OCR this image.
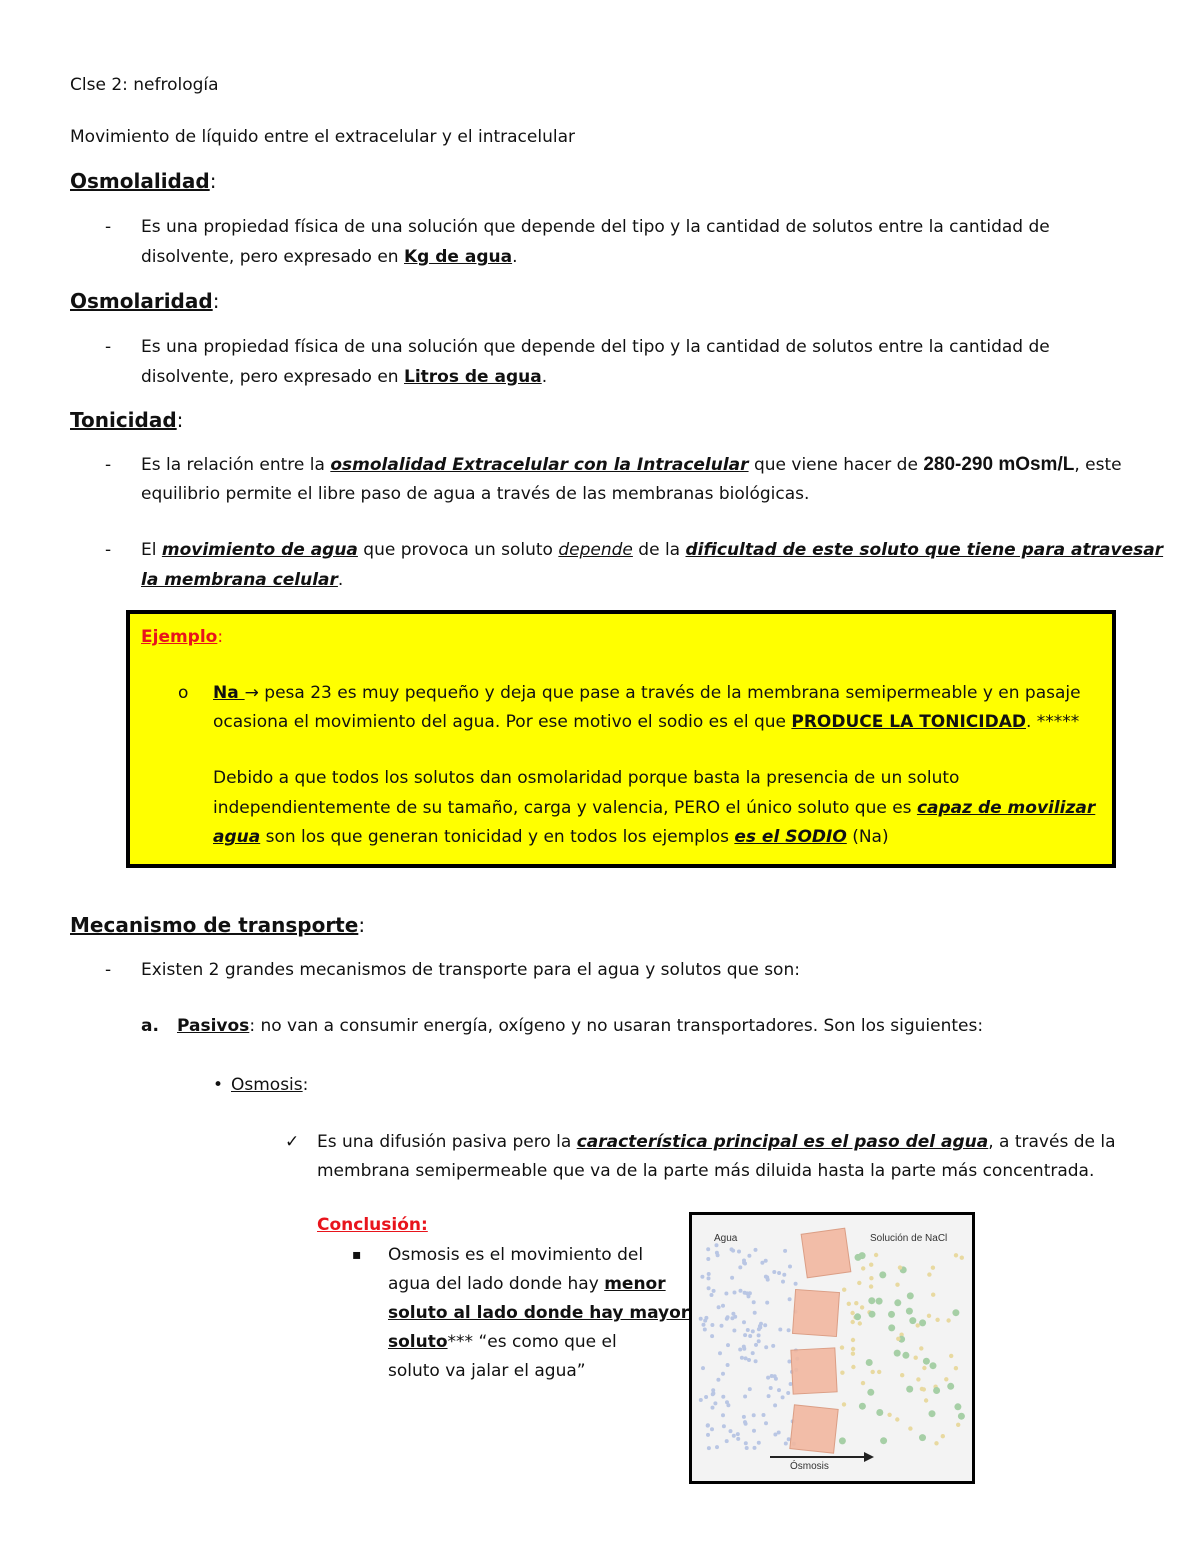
Clse 2: nefrología
Movimiento de líquido entre el extracelular y el intracelular
Osmolalidad:
- Es una propiedad física de una solución que depende del tipo y la cantidad de solutos entre la cantidad de
disolvente, pero expresado en Kg de agua.
Osmolaridad:
- Es una propiedad física de una solución que depende del tipo y la cantidad de solutos entre la cantidad de
disolvente, pero expresado en Litros de agua.
Tonicidad:
- Es la relación entre la osmolalidad Extracelular con la Intracelular que viene hacer de 280-290 mOsm/L, este
equilibrio permite el libre paso de agua a través de las membranas biológicas.
- El movimiento de agua que provoca un soluto depende de la dificultad de este soluto que tiene para atravesar
la membrana celular.
Ejemplo:
o Na → pesa 23 es muy pequeño y deja que pase a través de la membrana semipermeable y en pasaje
ocasiona el movimiento del agua. Por ese motivo el sodio es el que PRODUCE LA TONICIDAD. *****
Debido a que todos los solutos dan osmolaridad porque basta la presencia de un soluto
independientemente de su tamaño, carga y valencia, PERO el único soluto que es capaz de movilizar
agua son los que generan tonicidad y en todos los ejemplos es el SODIO (Na)
Mecanismo de transporte:
- Existen 2 grandes mecanismos de transporte para el agua y solutos que son:
a. Pasivos: no van a consumir energía, oxígeno y no usaran transportadores. Son los siguientes:
• Osmosis:
✓ Es una difusión pasiva pero la característica principal es el paso del agua, a través de la
membrana semipermeable que va de la parte más diluida hasta la parte más concentrada.
Conclusión:
▪ Osmosis es el movimiento del
agua del lado donde hay menor
soluto al lado donde hay mayor
soluto*** “es como que el
soluto va jalar el agua”
Agua	Solución de NaCl
Ósmosis
